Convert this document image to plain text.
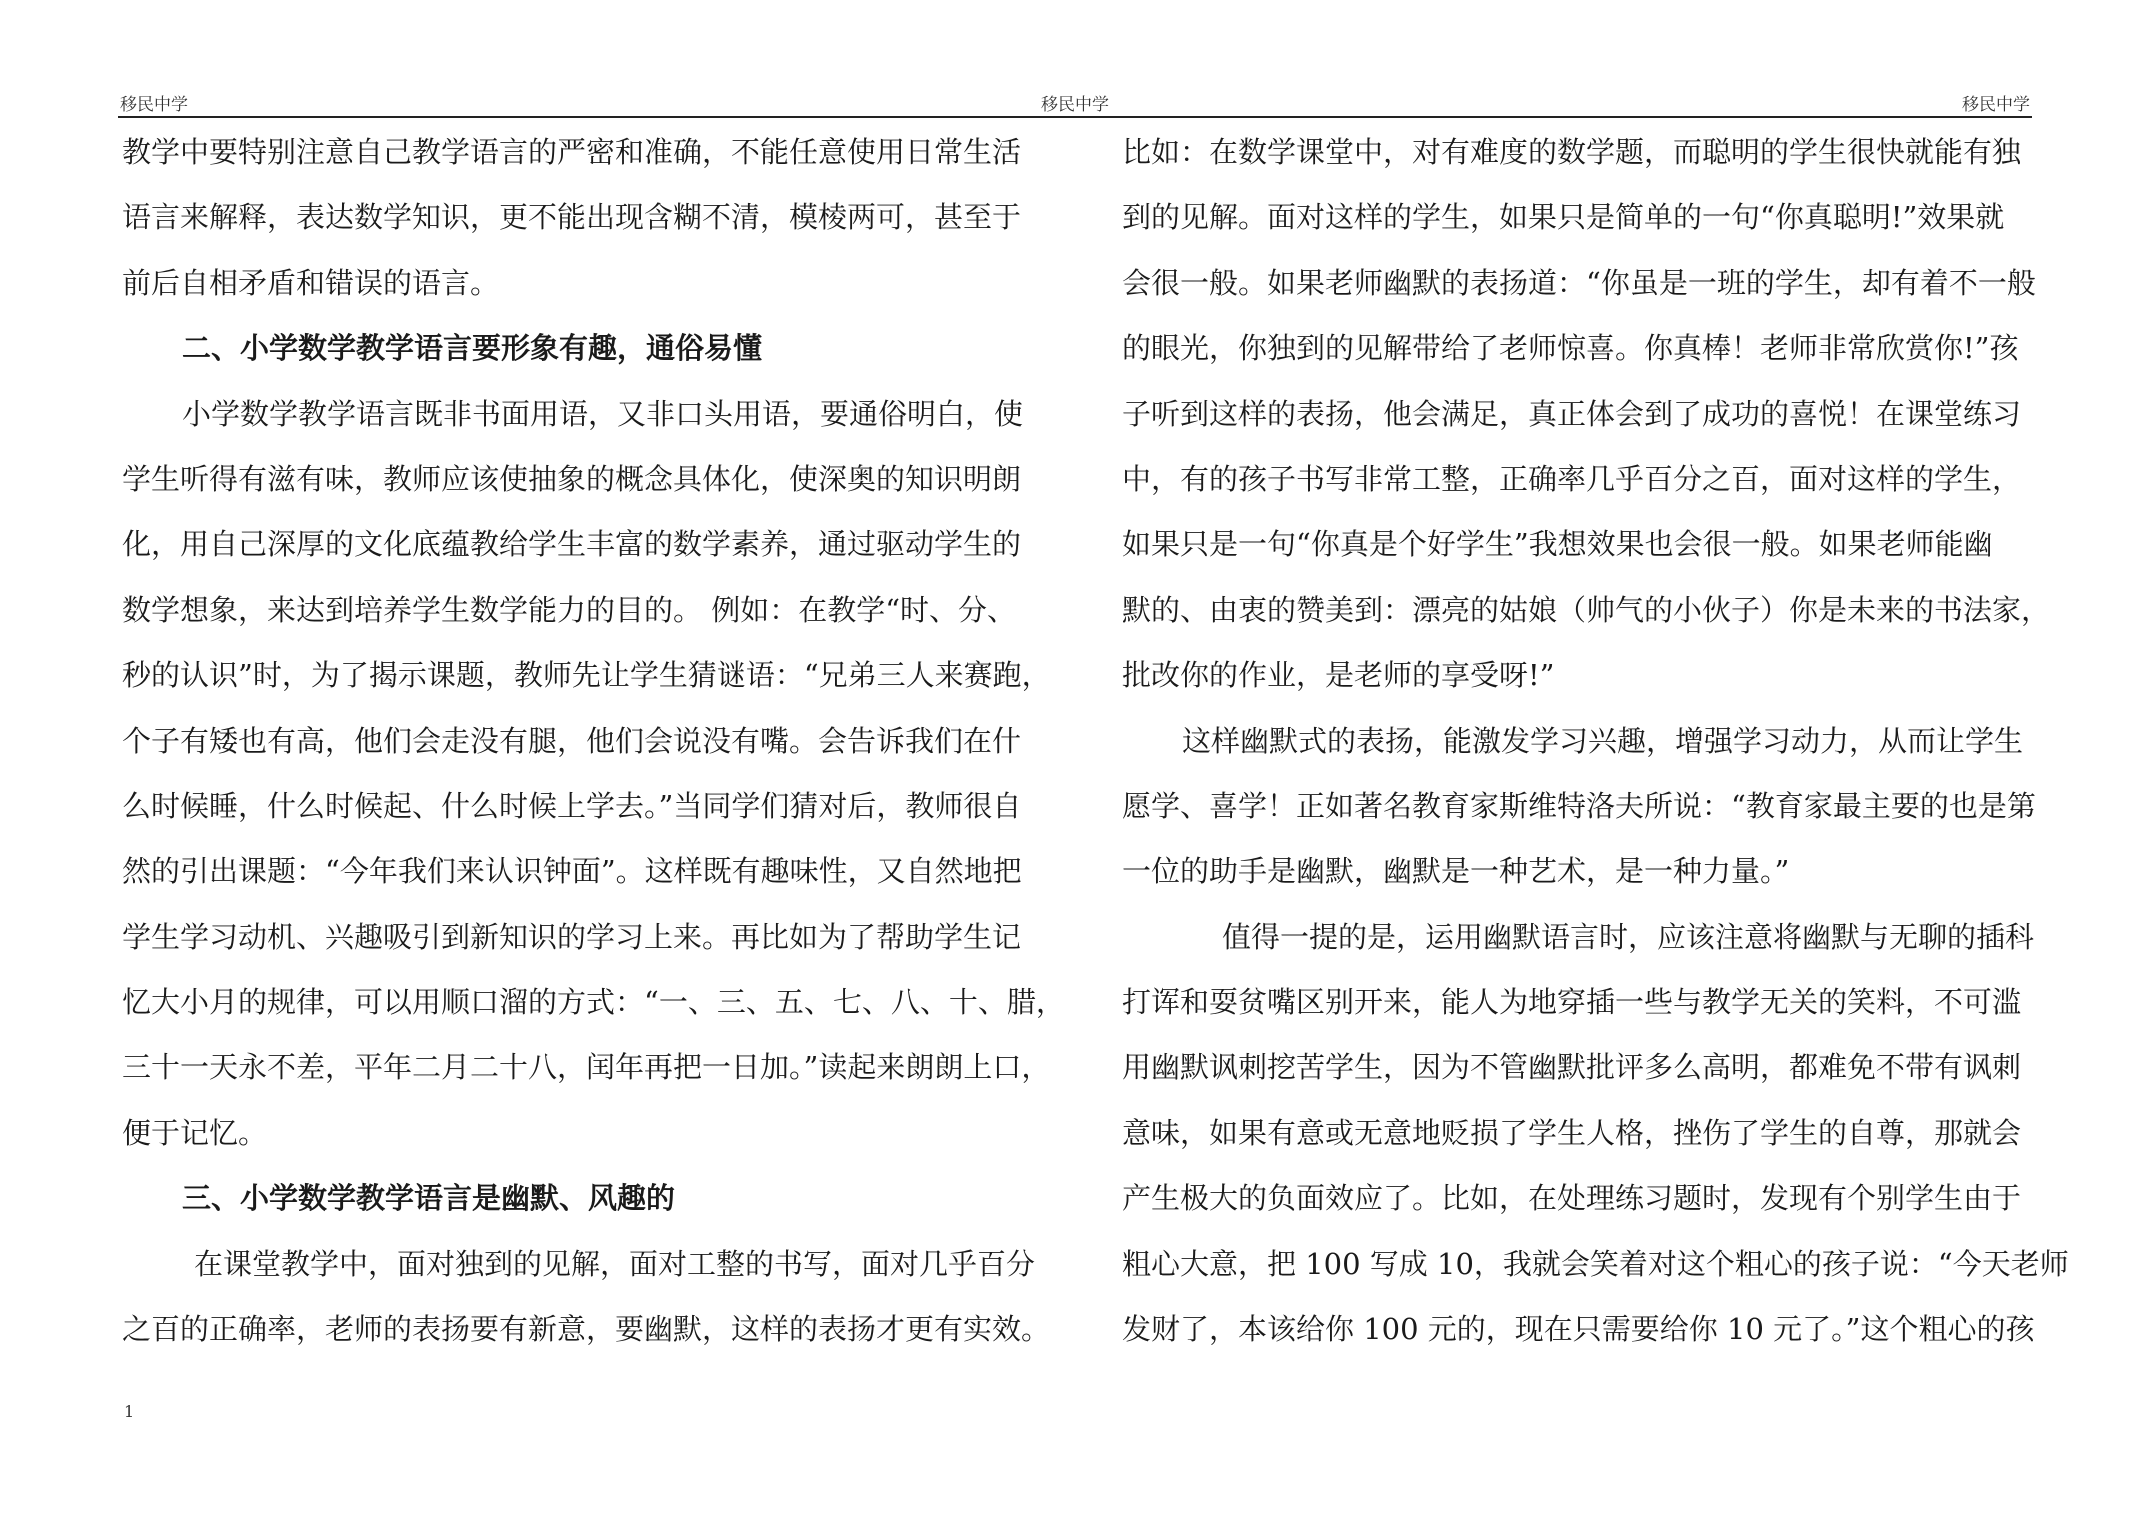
移民中学	移民中学	移民中学
教学中要特别注意自己教学语言的严密和准确，不能任意使用日常生活
语言来解释，表达数学知识，更不能出现含糊不清，模棱两可，甚至于
前后自相矛盾和错误的语言。
二、小学数学教学语言要形象有趣，通俗易懂
小学数学教学语言既非书面用语，又非口头用语，要通俗明白，使
学生听得有滋有味，教师应该使抽象的概念具体化，使深奥的知识明朗
化，用自己深厚的文化底蕴教给学生丰富的数学素养，通过驱动学生的
数学想象，来达到培养学生数学能力的目的。 例如：在教学“时、分、
秒的认识”时，为了揭示课题，教师先让学生猜谜语：“兄弟三人来赛跑，
个子有矮也有高，他们会走没有腿，他们会说没有嘴。会告诉我们在什
么时候睡，什么时候起、什么时候上学去。”当同学们猜对后，教师很自
然的引出课题：“今年我们来认识钟面”。这样既有趣味性，又自然地把
学生学习动机、兴趣吸引到新知识的学习上来。再比如为了帮助学生记
忆大小月的规律，可以用顺口溜的方式：“一、三、五、七、八、十、腊，
三十一天永不差，平年二月二十八，闰年再把一日加。”读起来朗朗上口，
便于记忆。
三、小学数学教学语言是幽默、风趣的
在课堂教学中，面对独到的见解，面对工整的书写，面对几乎百分
之百的正确率，老师的表扬要有新意，要幽默，这样的表扬才更有实效。
比如：在数学课堂中，对有难度的数学题，而聪明的学生很快就能有独
到的见解。面对这样的学生，如果只是简单的一句“你真聪明!”效果就
会很一般。如果老师幽默的表扬道：“你虽是一班的学生，却有着不一般
的眼光，你独到的见解带给了老师惊喜。你真棒！老师非常欣赏你!”孩
子听到这样的表扬，他会满足，真正体会到了成功的喜悦！在课堂练习
中，有的孩子书写非常工整，正确率几乎百分之百，面对这样的学生，
如果只是一句“你真是个好学生”我想效果也会很一般。如果老师能幽
默的、由衷的赞美到：漂亮的姑娘（帅气的小伙子）你是未来的书法家，
批改你的作业，是老师的享受呀!”
这样幽默式的表扬，能激发学习兴趣，增强学习动力，从而让学生
愿学、喜学！正如著名教育家斯维特洛夫所说：“教育家最主要的也是第
一位的助手是幽默，幽默是一种艺术，是一种力量。”
值得一提的是，运用幽默语言时，应该注意将幽默与无聊的插科
打诨和耍贫嘴区别开来，能人为地穿插一些与教学无关的笑料，不可滥
用幽默讽刺挖苦学生，因为不管幽默批评多么高明，都难免不带有讽刺
意味，如果有意或无意地贬损了学生人格，挫伤了学生的自尊，那就会
产生极大的负面效应了。比如，在处理练习题时，发现有个别学生由于
粗心大意，把 100 写成 10，我就会笑着对这个粗心的孩子说：“今天老师
发财了，本该给你 100 元的，现在只需要给你 10 元了。”这个粗心的孩
1
